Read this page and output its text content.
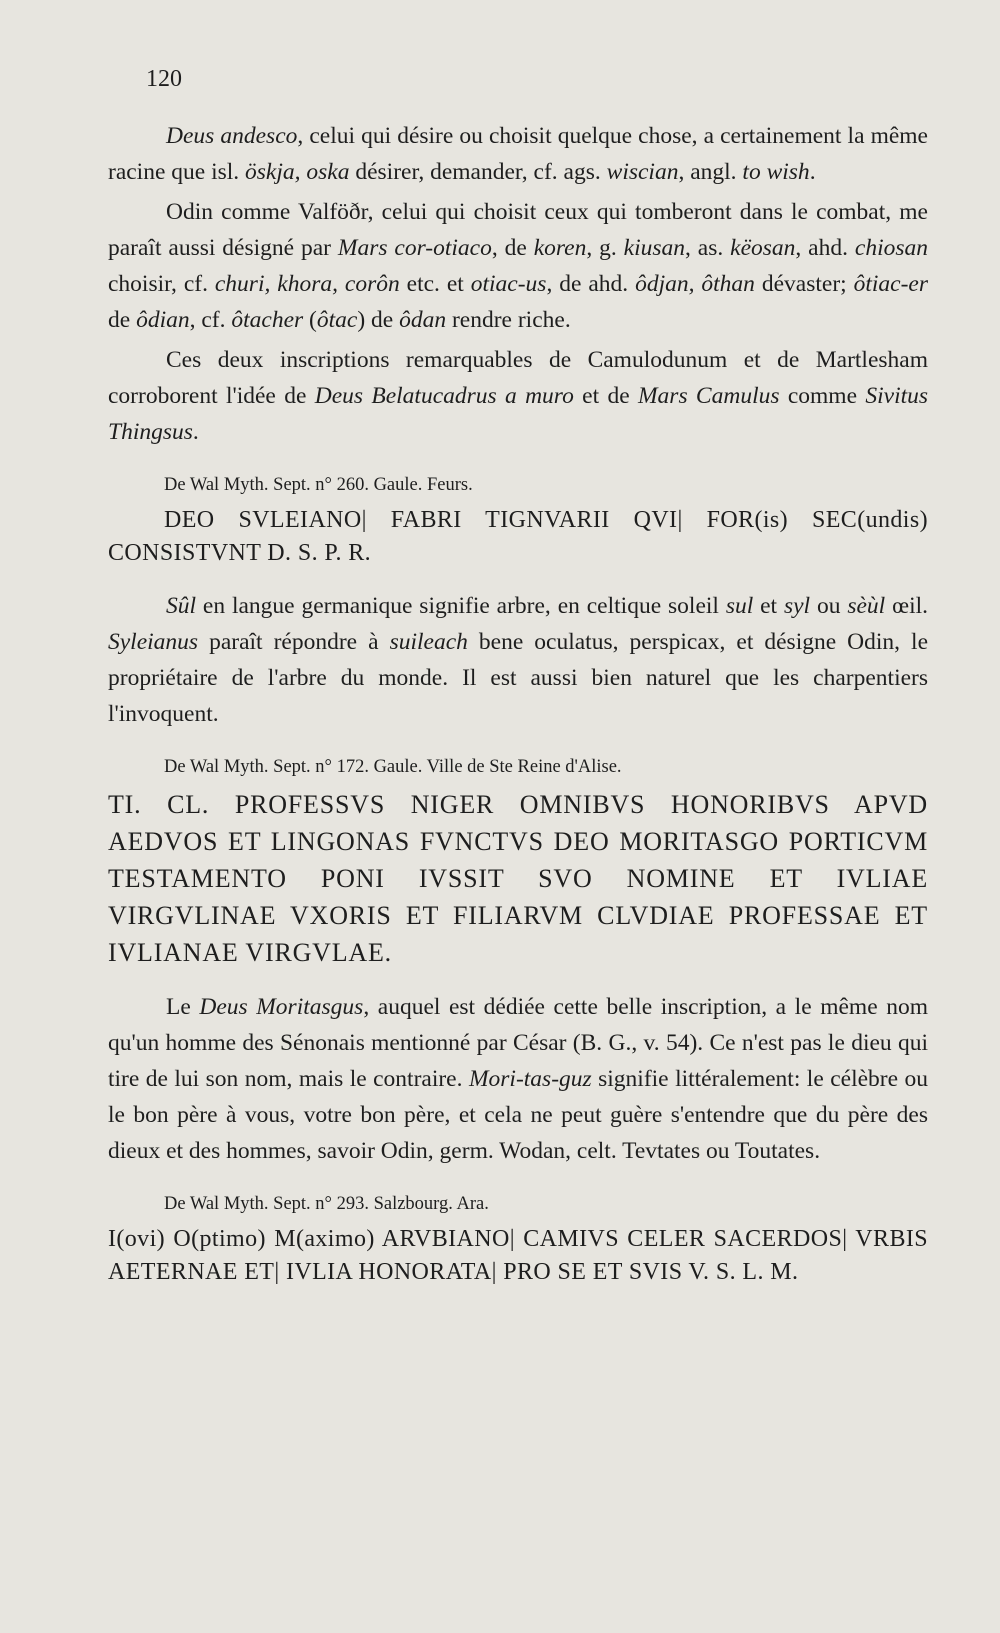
120

Deus andesco, celui qui désire ou choisit quelque chose, a certainement la même racine que isl. öskja, oska désirer, demander, cf. ags. wiscian, angl. to wish.

Odin comme Valföðr, celui qui choisit ceux qui tomberont dans le combat, me paraît aussi désigné par Mars cor-otiaco, de koren, g. kiusan, as. këosan, ahd. chiosan choisir, cf. churi, khora, corôn etc. et otiac-us, de ahd. ôdjan, ôthan dévaster; ôtiac-er de ôdian, cf. ôtacher (ôtac) de ôdan rendre riche.

Ces deux inscriptions remarquables de Camulodunum et de Martlesham corroborent l'idée de Deus Belatucadrus a muro et de Mars Camulus comme Sivitus Thingsus.

De Wal Myth. Sept. n° 260. Gaule. Feurs.
DEO SVLEIANO| FABRI TIGNVARII QVI| FOR(is) SEC(undis) CONSISTVNT D. S. P. R.

Sûl en langue germanique signifie arbre, en celtique soleil sul et syl ou sèùl œil. Syleianus paraît répondre à suileach bene oculatus, perspicax, et désigne Odin, le propriétaire de l'arbre du monde. Il est aussi bien naturel que les charpentiers l'invoquent.

De Wal Myth. Sept. n° 172. Gaule. Ville de Ste Reine d'Alise.
TI. CL. PROFESSVS NIGER OMNIBVS HONORIBVS APVD AEDVOS ET LINGONAS FVNCTVS DEO MORITASGO PORTICVM TESTAMENTO PONI IVSSIT SVO NOMINE ET IVLIAE VIRGVLINAE VXORIS ET FILIARVM CLVDIAE PROFESSAE ET IVLIANAE VIRGVLAE.

Le Deus Moritasgus, auquel est dédiée cette belle inscription, a le même nom qu'un homme des Sénonais mentionné par César (B. G., v. 54). Ce n'est pas le dieu qui tire de lui son nom, mais le contraire. Mori-tas-guz signifie littéralement: le célèbre ou le bon père à vous, votre bon père, et cela ne peut guère s'entendre que du père des dieux et des hommes, savoir Odin, germ. Wodan, celt. Tevtates ou Toutates.

De Wal Myth. Sept. n° 293. Salzbourg. Ara.
I(ovi) O(ptimo) M(aximo) ARVBIANO| CAMIVS CELER SACERDOS| VRBIS AETERNAE ET| IVLIA HONORATA| PRO SE ET SVIS V. S. L. M.
